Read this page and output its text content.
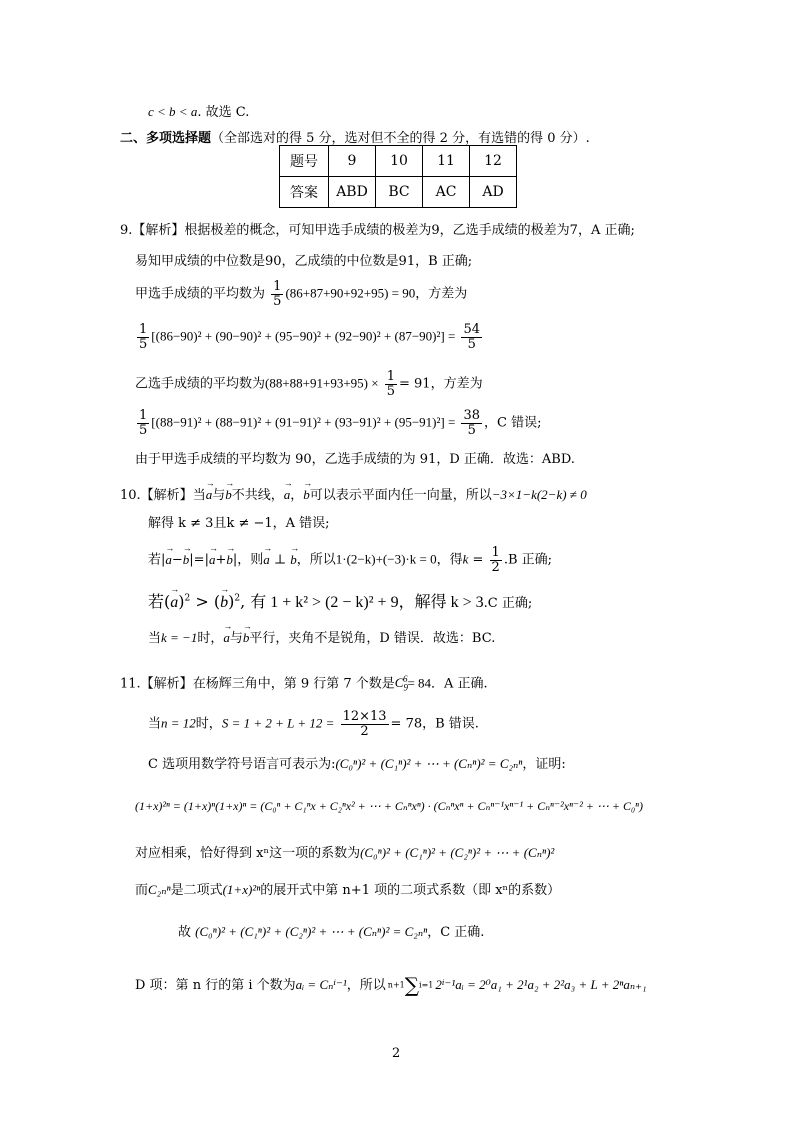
c < b < a. 故选 C.
二、多项选择题（全部选对的得 5 分，选对但不全的得 2 分，有选错的得 0 分）.
题号	9	10	11	12
答案	ABD	BC	AC	AD
9.【解析】根据极差的概念，可知甲选手成绩的极差为9，乙选手成绩的极差为7，A 正确;
易知甲成绩的中位数是90，乙成绩的中位数是91，B 正确;
甲选手成绩的平均数为 $\frac{1}{5} (86+87+90+92+95) = 90$，方差为
$\frac{1}{5} [(86-90)^2 + (90-90)^2 + (95-90)^2 + (92-90)^2 + (87-90)^2] = \frac{54}{5}$
乙选手成绩的平均数为$(88+88+91+93+95) \times \frac{1}{5} = 91$，方差为
$\frac{1}{5} [(88-91)^2 + (88-91)^2 + (91-91)^2 + (93-91)^2 + (95-91)^2] = \frac{38}{5}$ ，C 错误;
由于甲选手成绩的平均数为 90，乙选手成绩的为 91，D 正确．故选：ABD.
10.【解析】当→ a与→ b不共线，→ a，→ b可以表示平面内任一向量，所以−3×1−k(2−k) ≠ 0
解得 k ≠ 3且k ≠ −1，A 错误;
若|→ a−→ b|=|→ a+→ b|，则→ a ⊥ → b，所以1·(2−k)+(−3)·k = 0，得$k = \frac{1}{2} .B$ 正确;
若(→ a)$^2$ > (→ b)$^2$, 有 1 + k² > (2 − k)² + 9，解得 k > 3.C 正确;
当k = −1时，→ a与→ b平行，夹角不是锐角，D 错误．故选：BC.
11.【解析】在杨辉三角中，第 9 行第 7 个数是$C_9^6= 84$．A 正确.
当n = 12时，$S = 1 + 2 + L + 12 = \frac{12\times 13}{2} = 78$，B 错误.
C 选项用数学符号语言可表示为:(C₀ⁿ)² + (C₁ⁿ)² + ⋯ + (Cₙⁿ)² = C₂ₙⁿ，证明:
(1+x)²ⁿ = (1+x)ⁿ(1+x)ⁿ = (C₀ⁿ + C₁ⁿx + C₂ⁿx² + ⋯ + Cₙⁿxⁿ) · (Cₙⁿxⁿ + Cₙⁿ⁻¹xⁿ⁻¹ + Cₙⁿ⁻²xⁿ⁻² + ⋯ + C₀ⁿ)
对应相乘，恰好得到 xⁿ这一项的系数为(C₀ⁿ)² + (C₁ⁿ)² + (C₂ⁿ)² + ⋯ + (Cₙⁿ)²
而C₂ₙⁿ是二项式(1+x)²ⁿ的展开式中第 n+1 项的二项式系数（即 xⁿ的系数）
故 (C₀ⁿ)² + (C₁ⁿ)² + (C₂ⁿ)² + ⋯ + (Cₙⁿ)² = C₂ₙⁿ，C 正确.
D 项：第 n 行的第 i 个数为aᵢ = Cₙⁱ⁻¹，所以 n+1∑i=1 2ⁱ⁻¹aᵢ = 2⁰a₁ + 2¹a₂ + 2²a₃ + L + 2ⁿaₙ₊₁
2
